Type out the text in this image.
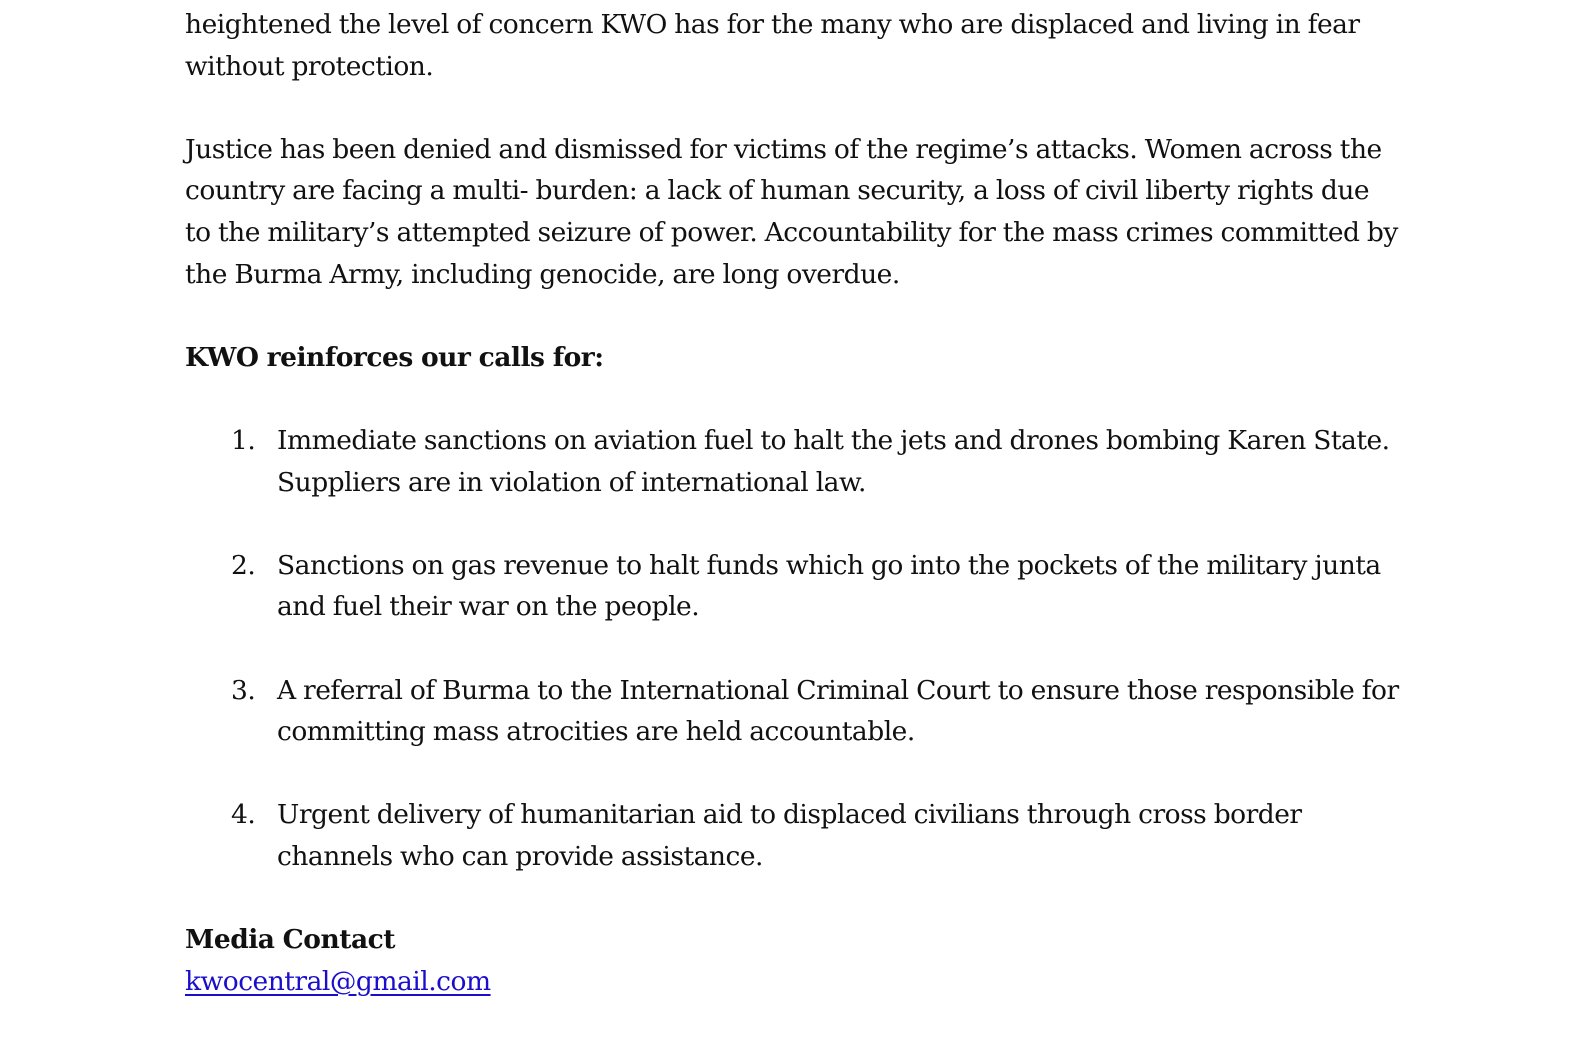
heightened the level of concern KWO has for the many who are displaced and living in fear without protection.

Justice has been denied and dismissed for victims of the regime’s attacks. Women across the country are facing a multi- burden: a lack of human security, a loss of civil liberty rights due to the military’s attempted seizure of power. Accountability for the mass crimes committed by the Burma Army, including genocide, are long overdue.

KWO reinforces our calls for:

1. Immediate sanctions on aviation fuel to halt the jets and drones bombing Karen State. Suppliers are in violation of international law.
2. Sanctions on gas revenue to halt funds which go into the pockets of the military junta and fuel their war on the people.
3. A referral of Burma to the International Criminal Court to ensure those responsible for committing mass atrocities are held accountable.
4. Urgent delivery of humanitarian aid to displaced civilians through cross border channels who can provide assistance.

Media Contact

kwocentral@gmail.com
